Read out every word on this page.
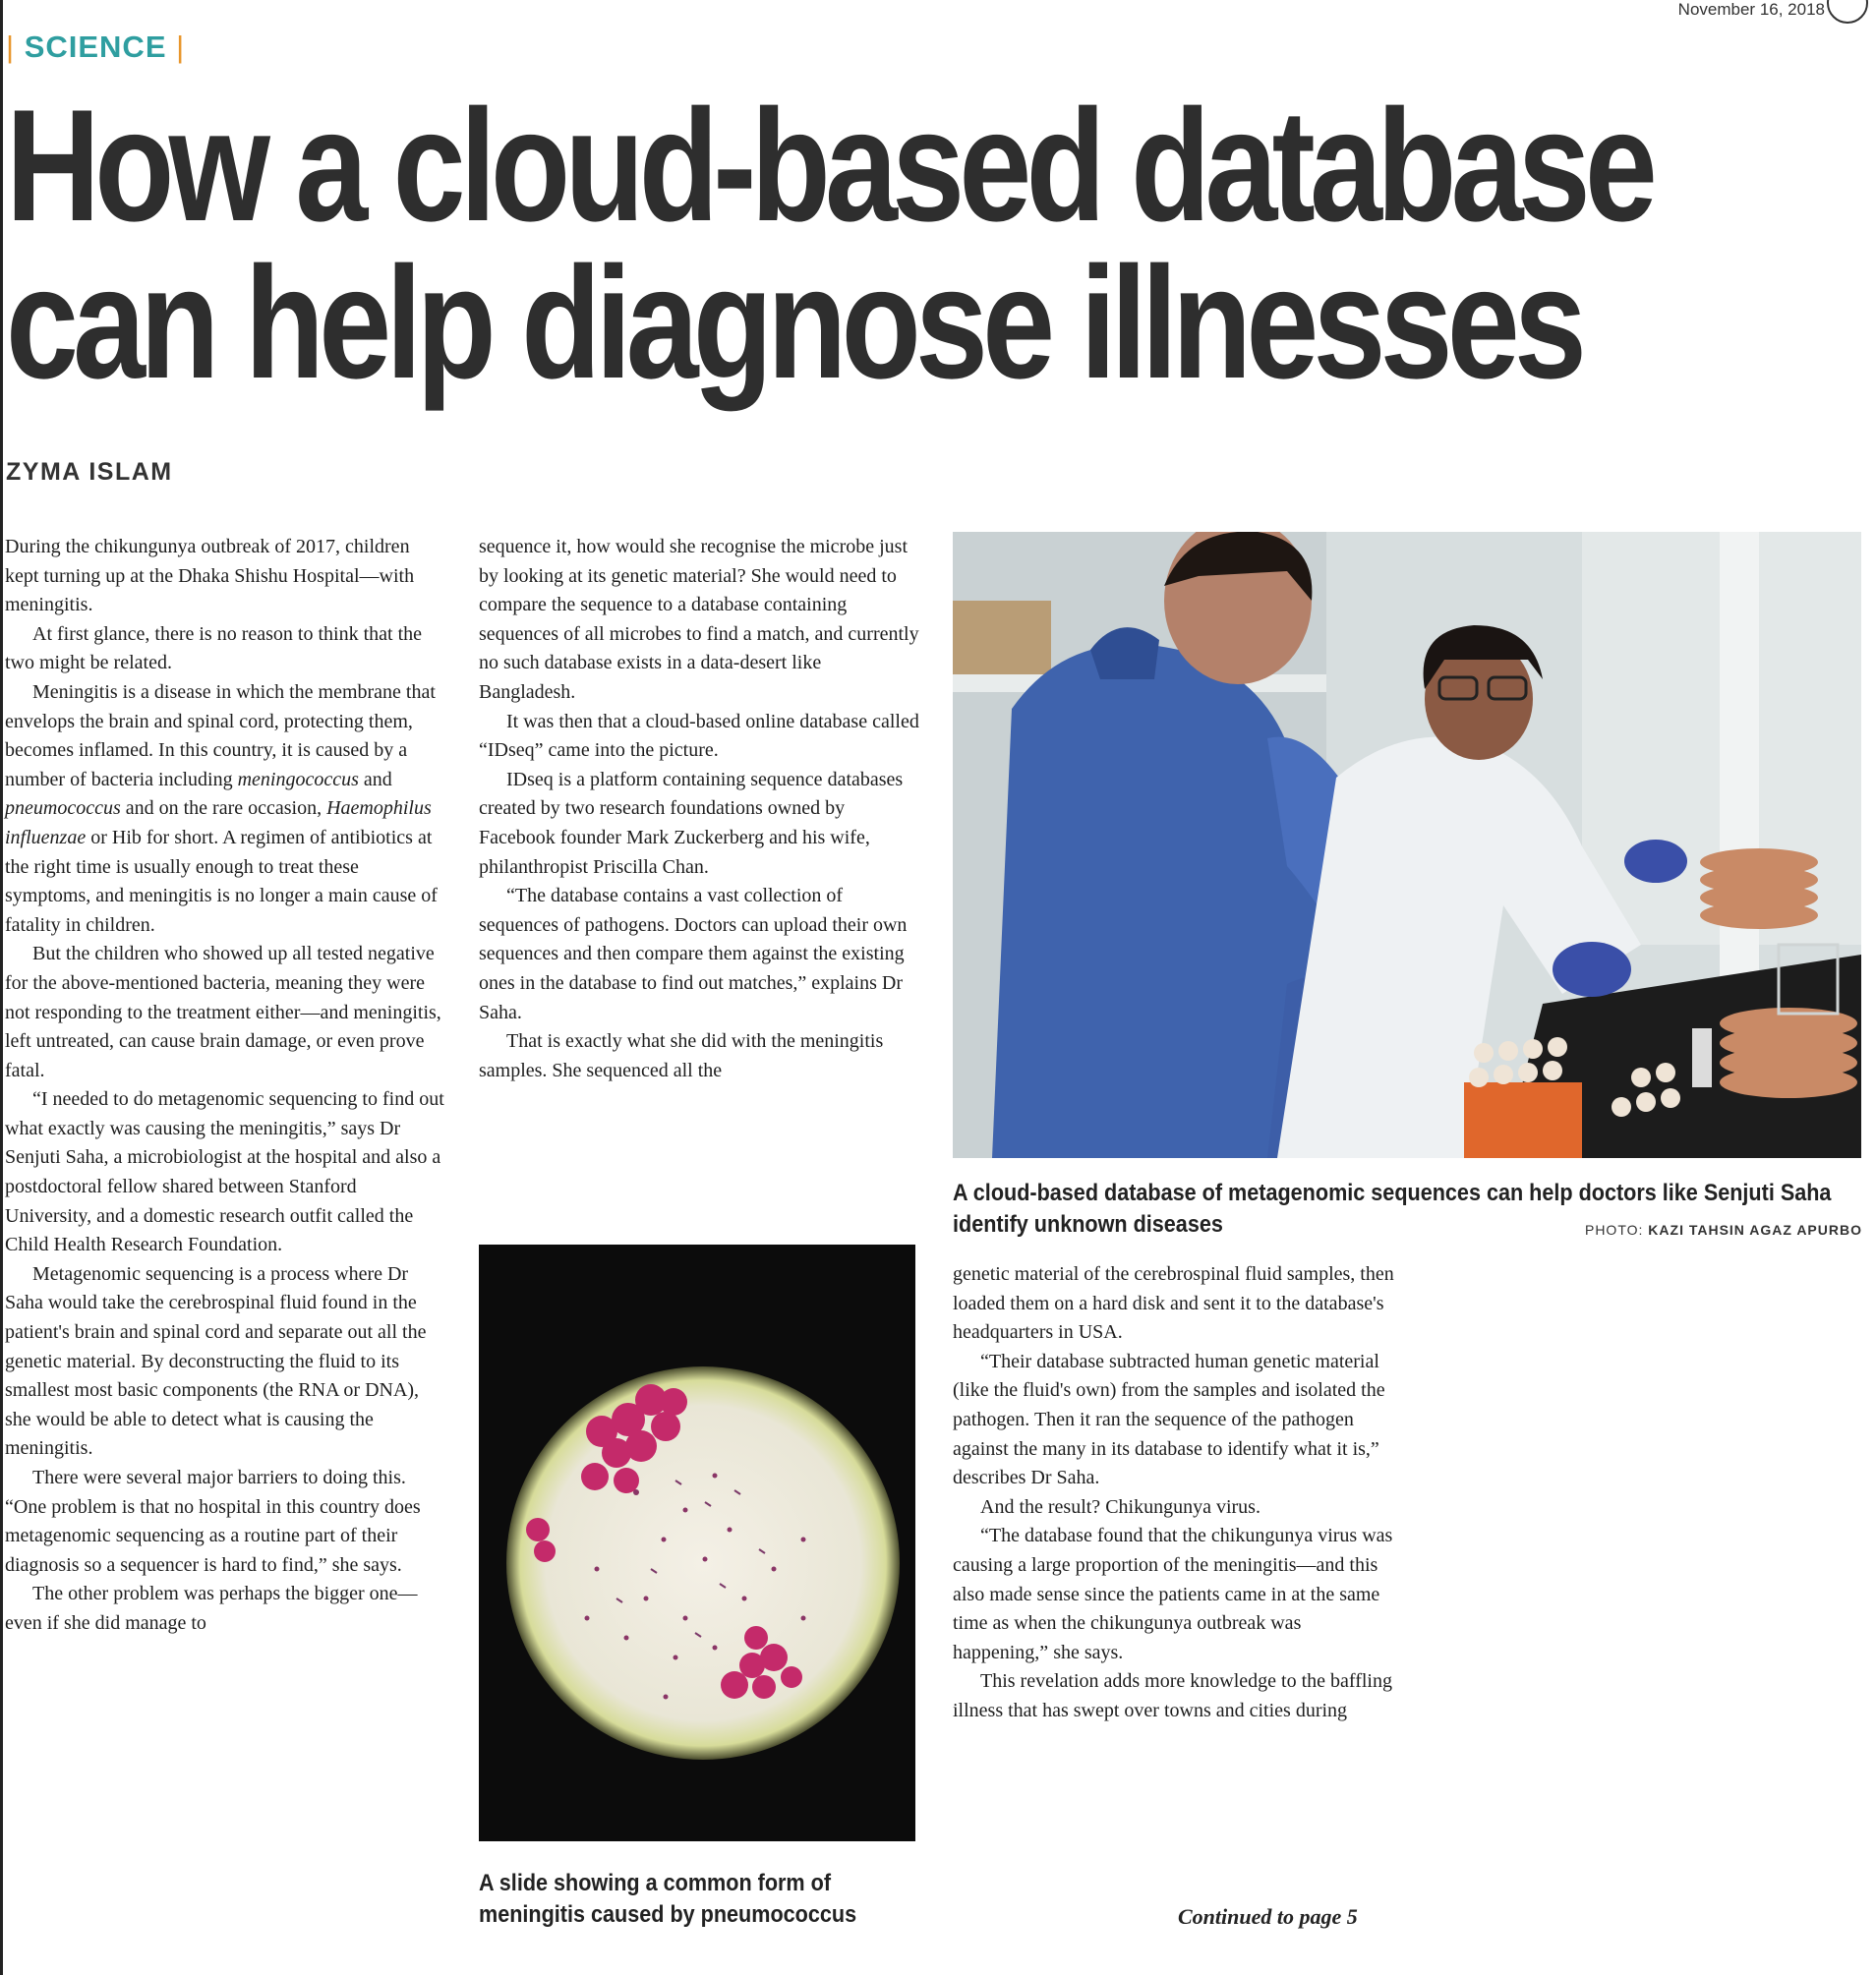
November 16, 2018
| SCIENCE |
How a cloud-based database
can help diagnose illnesses
ZYMA ISLAM

During the chikungunya outbreak of 2017, children kept turning up at the Dhaka Shishu Hospital—with meningitis.

At first glance, there is no reason to think that the two might be related.

Meningitis is a disease in which the membrane that envelops the brain and spinal cord, protecting them, becomes inflamed. In this country, it is caused by a number of bacteria including meningococcus and pneumococcus and on the rare occasion, Haemophilus influenzae or Hib for short. A regimen of antibiotics at the right time is usually enough to treat these symptoms, and meningitis is no longer a main cause of fatality in children.

But the children who showed up all tested negative for the above-mentioned bacteria, meaning they were not responding to the treatment either—and meningitis, left untreated, can cause brain damage, or even prove fatal.

“I needed to do metagenomic sequencing to find out what exactly was causing the meningitis,” says Dr Senjuti Saha, a microbiologist at the hospital and also a postdoctoral fellow shared between Stanford University, and a domestic research outfit called the Child Health Research Foundation.

Metagenomic sequencing is a process where Dr Saha would take the cerebrospinal fluid found in the patient's brain and spinal cord and separate out all the genetic material. By deconstructing the fluid to its smallest most basic components (the RNA or DNA), she would be able to detect what is causing the meningitis.

There were several major barriers to doing this. “One problem is that no hospital in this country does metagenomic sequencing as a routine part of their diagnosis so a sequencer is hard to find,” she says.

The other problem was perhaps the bigger one—even if she did manage to

sequence it, how would she recognise the microbe just by looking at its genetic material? She would need to compare the sequence to a database containing sequences of all microbes to find a match, and currently no such database exists in a data-desert like Bangladesh.

It was then that a cloud-based online database called “IDseq” came into the picture.

IDseq is a platform containing sequence databases created by two research foundations owned by Facebook founder Mark Zuckerberg and his wife, philanthropist Priscilla Chan.

“The database contains a vast collection of sequences of pathogens. Doctors can upload their own sequences and then compare them against the existing ones in the database to find out matches,” explains Dr Saha.

That is exactly what she did with the meningitis samples. She sequenced all the

A cloud-based database of metagenomic sequences can help doctors like Senjuti Saha identify unknown diseases	PHOTO: KAZI TAHSIN AGAZ APURBO
A slide showing a common form of meningitis caused by pneumococcus

genetic material of the cerebrospinal fluid samples, then loaded them on a hard disk and sent it to the database's headquarters in USA.

“Their database subtracted human genetic material (like the fluid's own) from the samples and isolated the pathogen. Then it ran the sequence of the pathogen against the many in its database to identify what it is,” describes Dr Saha.

And the result? Chikungunya virus.

“The database found that the chikungunya virus was causing a large proportion of the meningitis—and this also made sense since the patients came in at the same time as when the chikungunya outbreak was happening,” she says.

This revelation adds more knowledge to the baffling illness that has swept over towns and cities during

Continued to page 5
